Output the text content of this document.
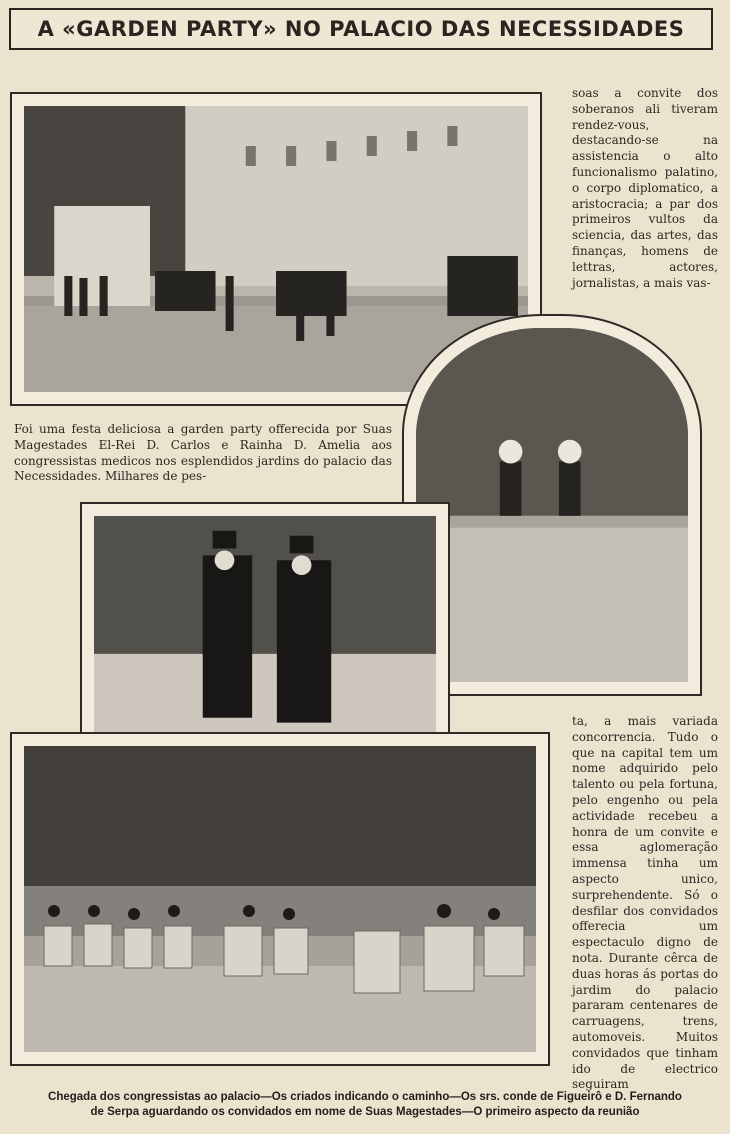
A «GARDEN PARTY» NO PALACIO DAS NECESSIDADES
soas a convite dos soberanos ali tiveram rendez-vous, destacando-se na assistencia o alto funcionalismo palatino, o corpo diplomatico, a aristocracia; a par dos primeiros vultos da sciencia, das artes, das finanças, homens de lettras, actores, jornalistas, a mais vas-
Foi uma festa deliciosa a garden party offerecida por Suas Magestades El-Rei D. Carlos e Rainha D. Amelia aos congressistas medicos nos esplendidos jardins do palacio das Necessidades. Milhares de pes-
ta, a mais variada concorrencia. Tudo o que na capital tem um nome adquirido pelo talento ou pela fortuna, pelo engenho ou pela actividade recebeu a honra de um convite e essa aglomeração immensa tinha um aspecto unico, surprehendente. Só o desfilar dos convidados offerecia um espectaculo digno de nota. Durante cêrca de duas horas ás portas do jardim do palacio pararam centenares de carruagens, trens, automoveis. Muitos convidados que tinham ido de electrico seguiram
Chegada dos congressistas ao palacio—Os criados indicando o caminho—Os srs. conde de Figueirô e D. Fernando
de Serpa aguardando os convidados em nome de Suas Magestades—O primeiro aspecto da reunião
